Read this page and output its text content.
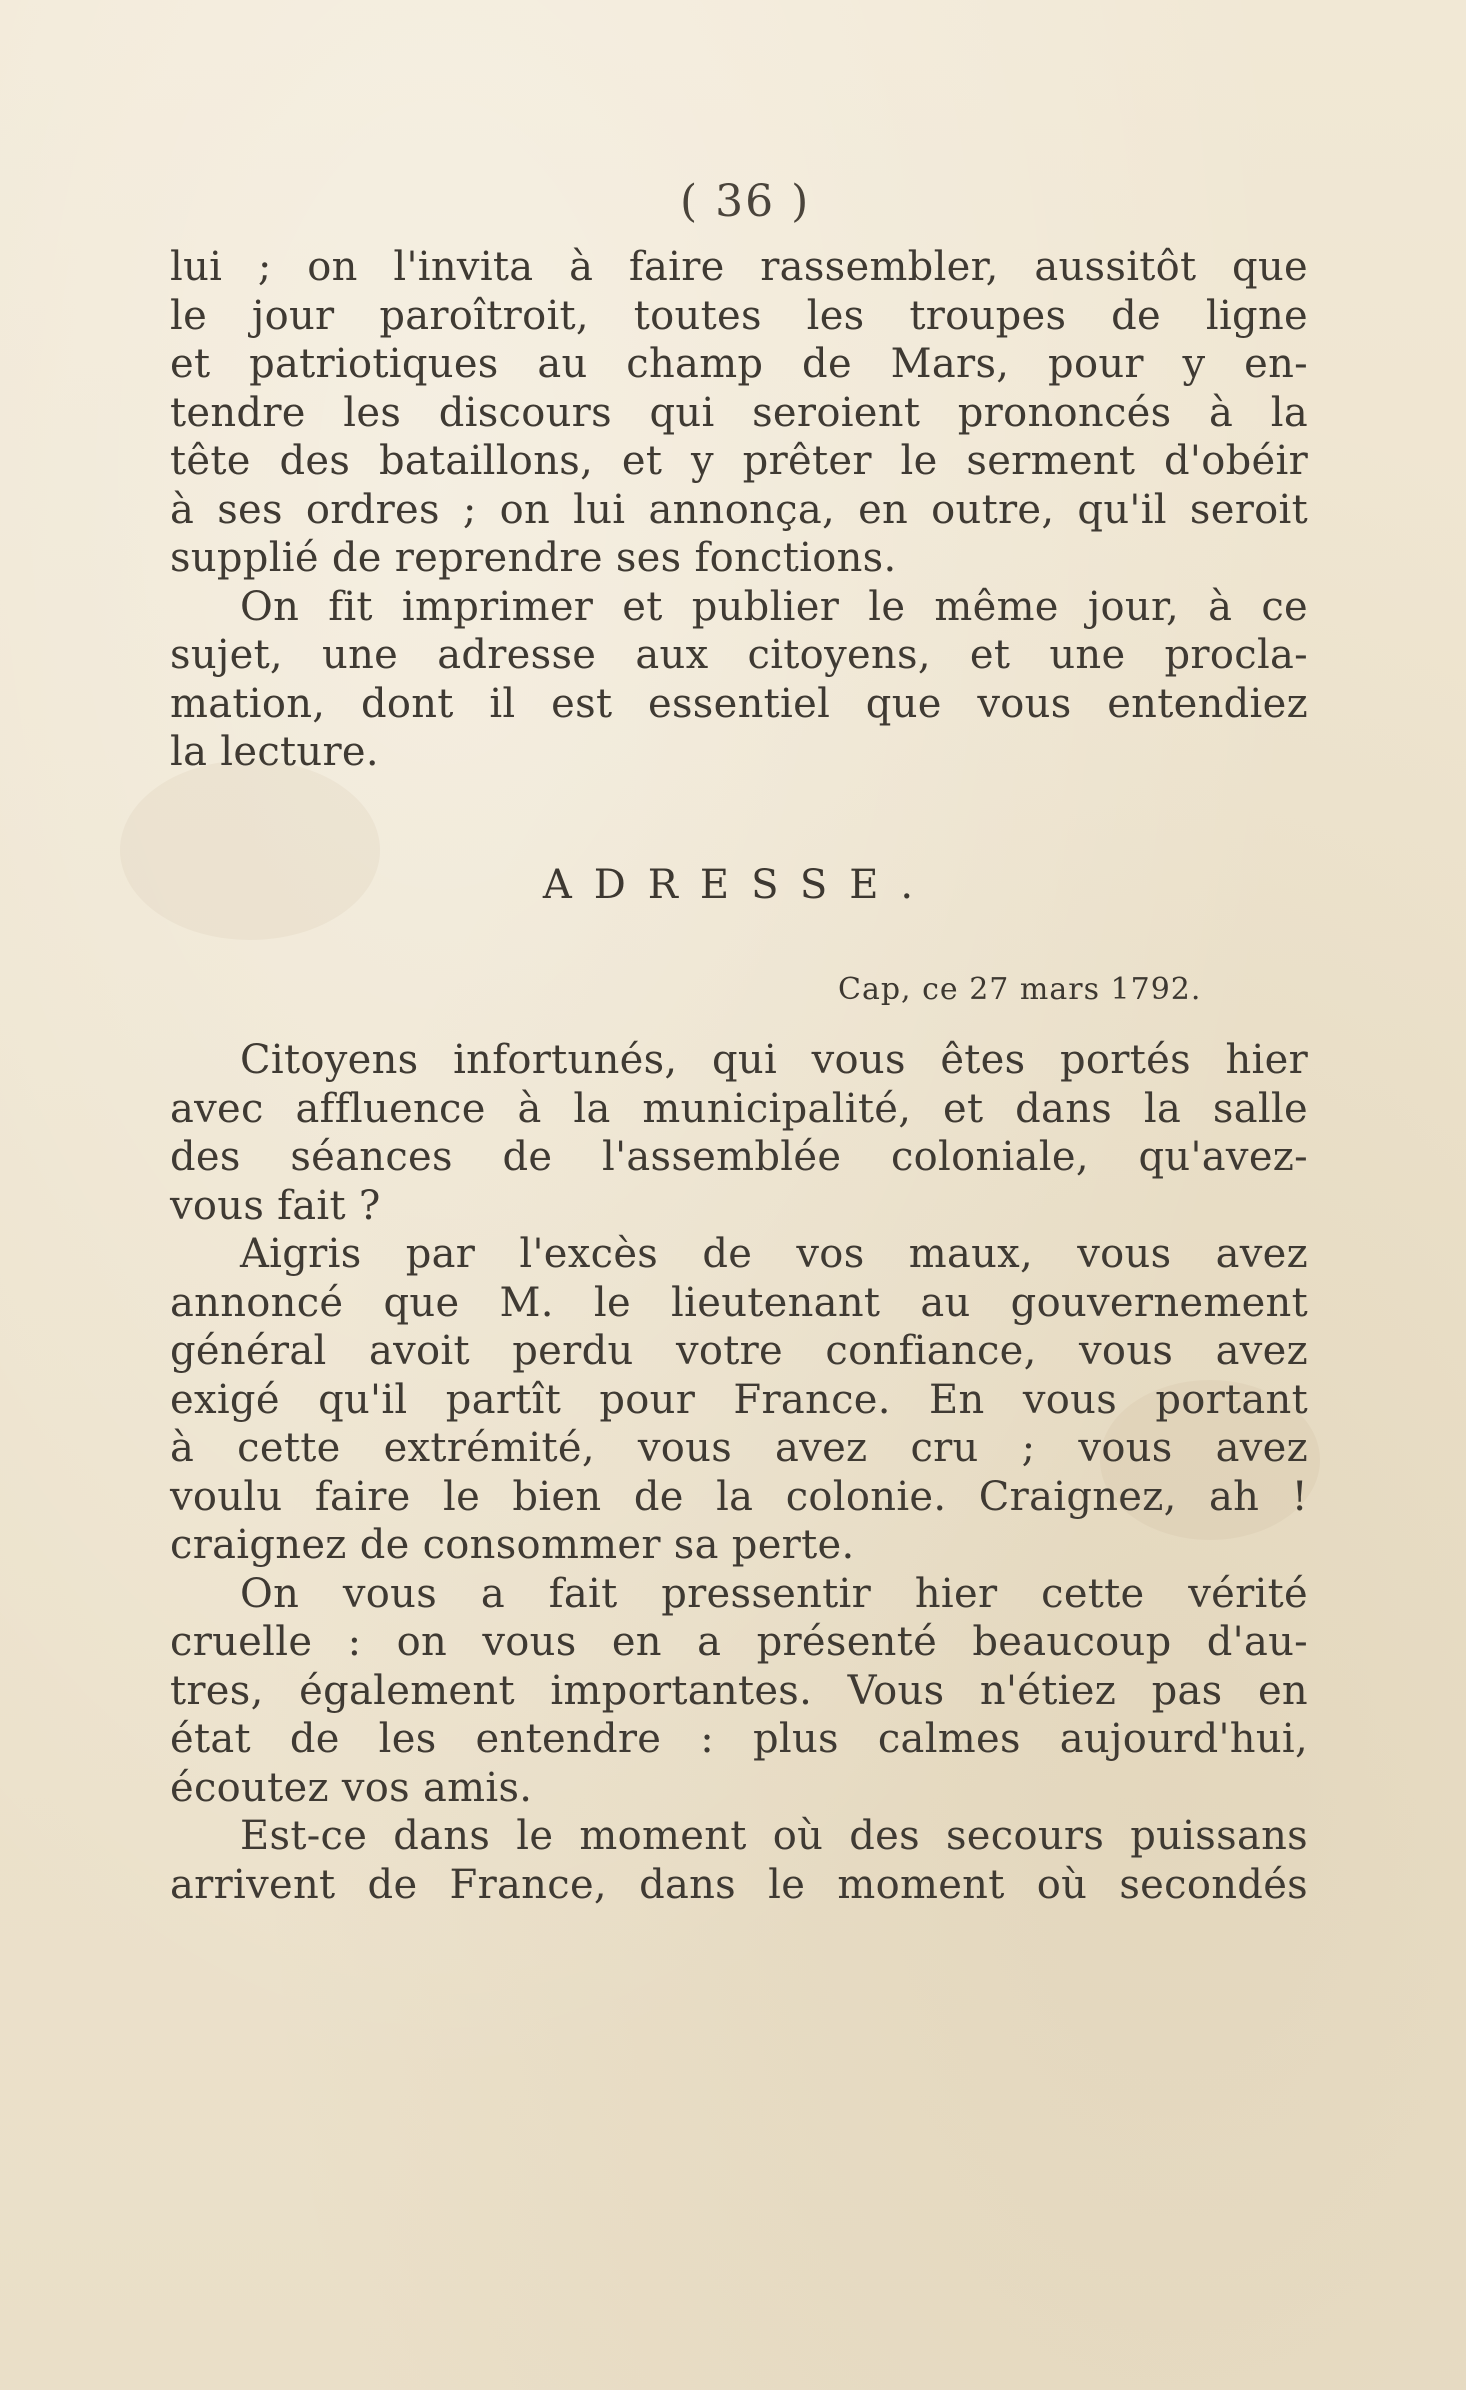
( 36 )
lui ; on l'invita à faire rassembler, aussitôt que
le jour paroîtroit, toutes les troupes de ligne
et patriotiques au champ de Mars, pour y en-
tendre les discours qui seroient prononcés à la
tête des bataillons, et y prêter le serment d'obéir
à ses ordres ; on lui annonça, en outre, qu'il seroit
supplié de reprendre ses fonctions.
On fit imprimer et publier le même jour, à ce
sujet, une adresse aux citoyens, et une procla-
mation, dont il est essentiel que vous entendiez
la lecture.
ADRESSE.
Cap, ce 27 mars 1792.
Citoyens infortunés, qui vous êtes portés hier
avec affluence à la municipalité, et dans la salle
des séances de l'assemblée coloniale, qu'avez-
vous fait ?
Aigris par l'excès de vos maux, vous avez
annoncé que M. le lieutenant au gouvernement
général avoit perdu votre confiance, vous avez
exigé qu'il partît pour France. En vous portant
à cette extrémité, vous avez cru ; vous avez
voulu faire le bien de la colonie. Craignez, ah !
craignez de consommer sa perte.
On vous a fait pressentir hier cette vérité
cruelle : on vous en a présenté beaucoup d'au-
tres, également importantes. Vous n'étiez pas en
état de les entendre : plus calmes aujourd'hui,
écoutez vos amis.
Est-ce dans le moment où des secours puissans
arrivent de France, dans le moment où secondés
